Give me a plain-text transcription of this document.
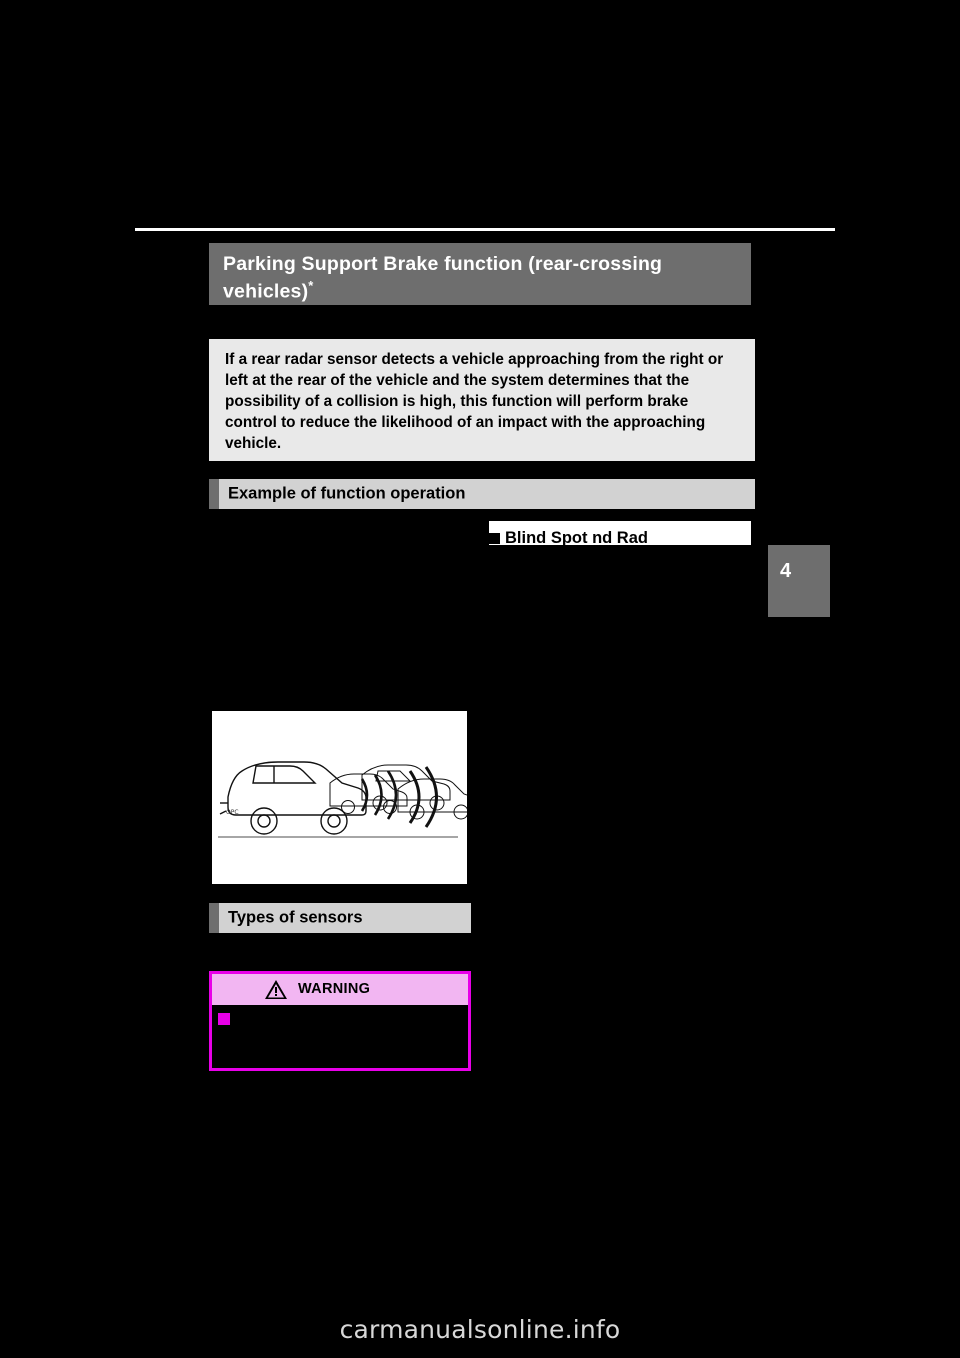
4
Parking Support Brake function (rear-crossing vehicles)*

If a rear radar sensor detects a vehicle approaching from the right or left at the rear of the vehicle and the system determines that the possibility of a collision is high, this function will perform brake control to reduce the likelihood of an impact with the approaching vehicle.

Example of function operation
Blind Spot nd Rad
OPC
Types of sensors
WARNING
carmanualsonline.info
